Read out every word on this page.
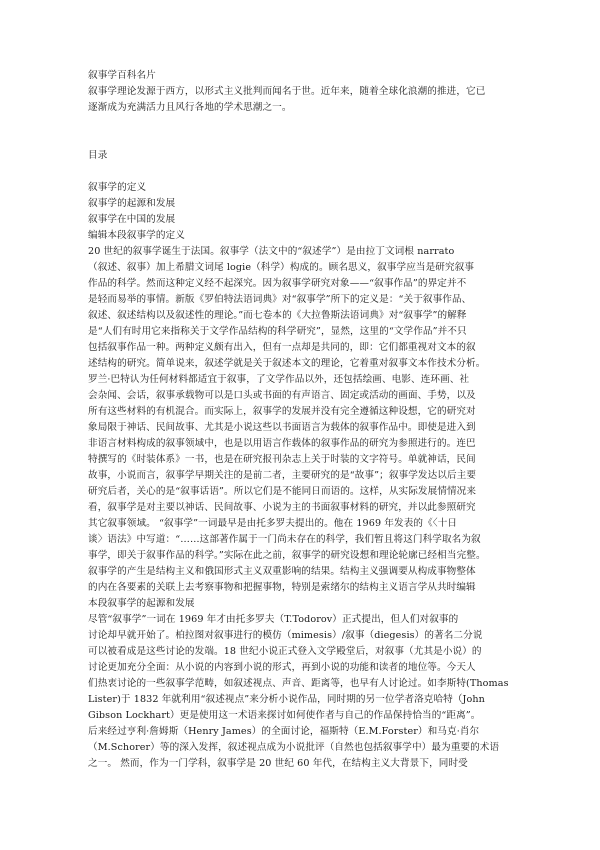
叙事学百科名片
叙事学理论发源于西方，以形式主义批判而闻名于世。近年来，随着全球化浪潮的推进，它已
逐渐成为充满活力且风行各地的学术思潮之一。
目录
叙事学的定义
叙事学的起源和发展
叙事学在中国的发展
编辑本段叙事学的定义
20 世纪的叙事学诞生于法国。叙事学（法文中的“叙述学”）是由拉丁文词根 narrato
（叙述、叙事）加上希腊文词尾 logie（科学）构成的。顾名思义，叙事学应当是研究叙事
作品的科学。然而这种定义经不起深究。因为叙事学研究对象——“叙事作品”的界定并不
是轻而易举的事情。新版《罗伯特法语词典》对“叙事学”所下的定义是：“关于叙事作品、
叙述、叙述结构以及叙述性的理论。”而七卷本的《大拉鲁斯法语词典》对“叙事学”的解释
是“人们有时用它来指称关于文学作品结构的科学研究”，显然，这里的“文学作品”并不只
包括叙事作品一种。两种定义颇有出入，但有一点却是共同的，即：它们都重视对文本的叙
述结构的研究。简单说来，叙述学就是关于叙述本文的理论，它着重对叙事文本作技术分析。
罗兰·巴特认为任何材料都适宜于叙事，了文学作品以外，还包括绘画、电影、连环画、社
会杂闻、会话，叙事承载物可以是口头或书面的有声语言、固定或活动的画面、手势，以及
所有这些材料的有机混合。而实际上，叙事学的发展并没有完全遵循这种设想，它的研究对
象局限于神话、民间故事、尤其是小说这些以书面语言为载体的叙事作品中。即使是进入到
非语言材料构成的叙事领域中，也是以用语言作载体的叙事作品的研究为参照进行的。连巴
特撰写的《时装体系》一书，也是在研究报刊杂志上关于时装的文字符号。单就神话，民间
故事，小说而言，叙事学早期关注的是前二者，主要研究的是“故事”；叙事学发达以后主要
研究后者，关心的是“叙事话语”。所以它们是不能同日而语的。这样，从实际发展情情况来
看，叙事学是对主要以神话、民间故事、小说为主的书面叙事材料的研究，并以此参照研究
其它叙事领域。 “叙事学”一词最早是由托多罗夫提出的。他在 1969 年发表的《〈十日
谈〉语法》中写道：“……这部著作属于一门尚未存在的科学，我们暂且将这门科学取名为叙
事学，即关于叙事作品的科学。”实际在此之前，叙事学的研究设想和理论轮廓已经相当完整。
叙事学的产生是结构主义和俄国形式主义双重影响的结果。结构主义强调要从构成事物整体
的内在各要素的关联上去考察事物和把握事物，特别是索绪尔的结构主义语言学从共时编辑
本段叙事学的起源和发展
尽管“叙事学”一词在 1969 年才由托多罗夫（T.Todorov）正式提出，但人们对叙事的
讨论却早就开始了。柏拉图对叙事进行的模仿（mimesis）/叙事（diegesis）的著名二分说
可以被看成是这些讨论的发端。18 世纪小说正式登入文学殿堂后，对叙事（尤其是小说）的
讨论更加充分全面：从小说的内容到小说的形式，再到小说的功能和读者的地位等。今天人
们热衷讨论的一些叙事学范畴，如叙述视点、声音、距离等，也早有人讨论过。如李斯特(Thomas
Lister)于 1832 年就利用“叙述视点”来分析小说作品，同时期的另一位学者洛克哈特（John
Gibson Lockhart）更是使用这一术语来探讨如何使作者与自己的作品保持恰当的“距离”。
后来经过亨利·詹姆斯（Henry James）的全面讨论，福斯特（E.M.Forster）和马克·肖尔
（M.Schorer）等的深入发挥，叙述视点成为小说批评（自然也包括叙事学中）最为重要的术语
之一。 然而，作为一门学科，叙事学是 20 世纪 60 年代，在结构主义大背景下，同时受
